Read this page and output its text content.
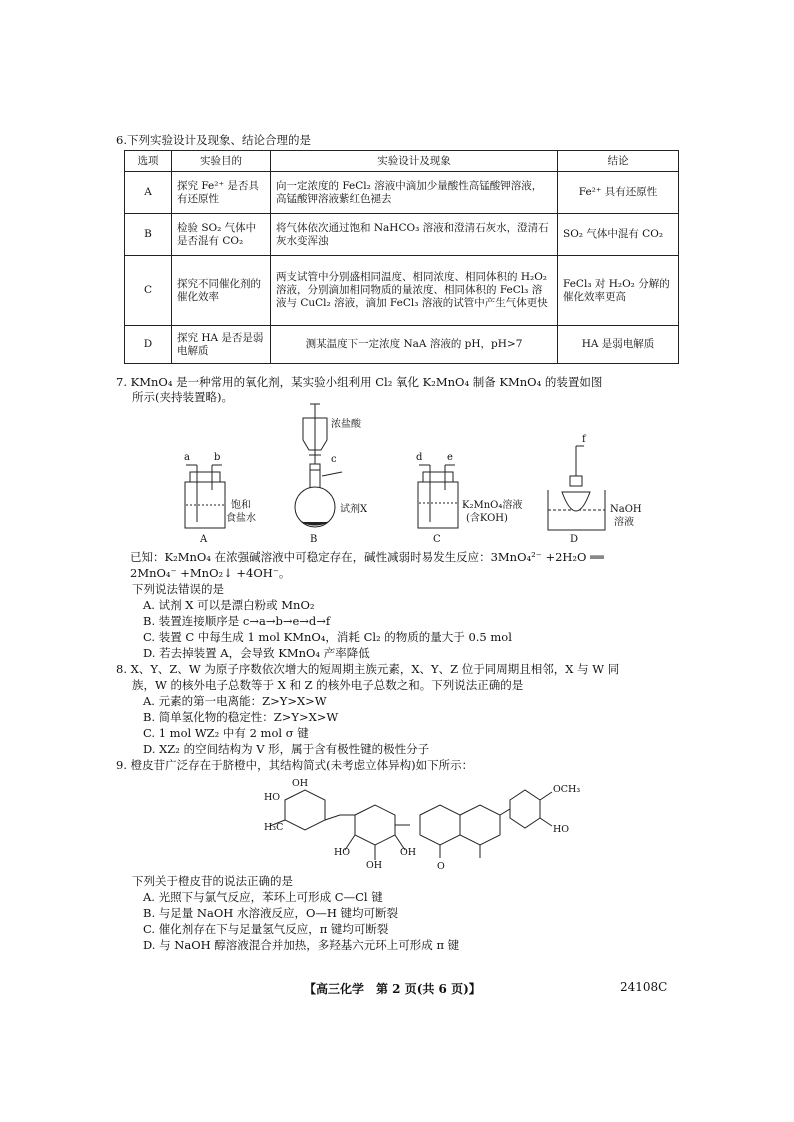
6.下列实验设计及现象、结论合理的是
选项	实验目的	实验设计及现象	结论
A	探究 Fe²⁺ 是否具有还原性	向一定浓度的 FeCl₂ 溶液中滴加少量酸性高锰酸钾溶液，高锰酸钾溶液紫红色褪去	Fe²⁺ 具有还原性
B	检验 SO₂ 气体中是否混有 CO₂	将气体依次通过饱和 NaHCO₃ 溶液和澄清石灰水，澄清石灰水变浑浊	SO₂ 气体中混有 CO₂
C	探究不同催化剂的催化效率	两支试管中分别盛相同温度、相同浓度、相同体积的 H₂O₂ 溶液，分别滴加相同物质的量浓度、相同体积的 FeCl₃ 溶液与 CuCl₂ 溶液，滴加 FeCl₃ 溶液的试管中产生气体更快	FeCl₃ 对 H₂O₂ 分解的催化效率更高
D	探究 HA 是否是弱电解质	测某温度下一定浓度 NaA 溶液的 pH，pH>7	HA 是弱电解质
7. KMnO₄ 是一种常用的氧化剂，某实验小组利用 Cl₂ 氧化 K₂MnO₄ 制备 KMnO₄ 的装置如图
所示(夹持装置略)。
a b	c	d e
f
浓盐酸
饱和
食盐水
试剂X	K₂MnO₄溶液
(含KOH)
NaOH
溶液
A	B	C	D
已知：K₂MnO₄ 在浓强碱溶液中可稳定存在，碱性减弱时易发生反应：3MnO₄²⁻ +2H₂O ══
2MnO₄⁻ +MnO₂↓ +4OH⁻。
下列说法错误的是
A. 试剂 X 可以是漂白粉或 MnO₂
B. 装置连接顺序是 c→a→b→e→d→f
C. 装置 C 中每生成 1 mol KMnO₄，消耗 Cl₂ 的物质的量大于 0.5 mol
D. 若去掉装置 A，会导致 KMnO₄ 产率降低
8. X、Y、Z、W 为原子序数依次增大的短周期主族元素，X、Y、Z 位于同周期且相邻，X 与 W 同
族，W 的核外电子总数等于 X 和 Z 的核外电子总数之和。下列说法正确的是
A. 元素的第一电离能：Z>Y>X>W
B. 简单氢化物的稳定性：Z>Y>X>W
C. 1 mol WZ₂ 中有 2 mol σ 键
D. XZ₂ 的空间结构为 V 形，属于含有极性键的极性分子
9. 橙皮苷广泛存在于脐橙中，其结构简式(未考虑立体异构)如下所示：
HO
OH
H₃C
HO
OH
OH
O
OCH₃
HO
下列关于橙皮苷的说法正确的是
A. 光照下与氯气反应，苯环上可形成 C—Cl 键
B. 与足量 NaOH 水溶液反应，O—H 键均可断裂
C. 催化剂存在下与足量氢气反应，π 键均可断裂
D. 与 NaOH 醇溶液混合并加热，多羟基六元环上可形成 π 键
【高三化学　第 2 页(共 6 页)】	24108C
